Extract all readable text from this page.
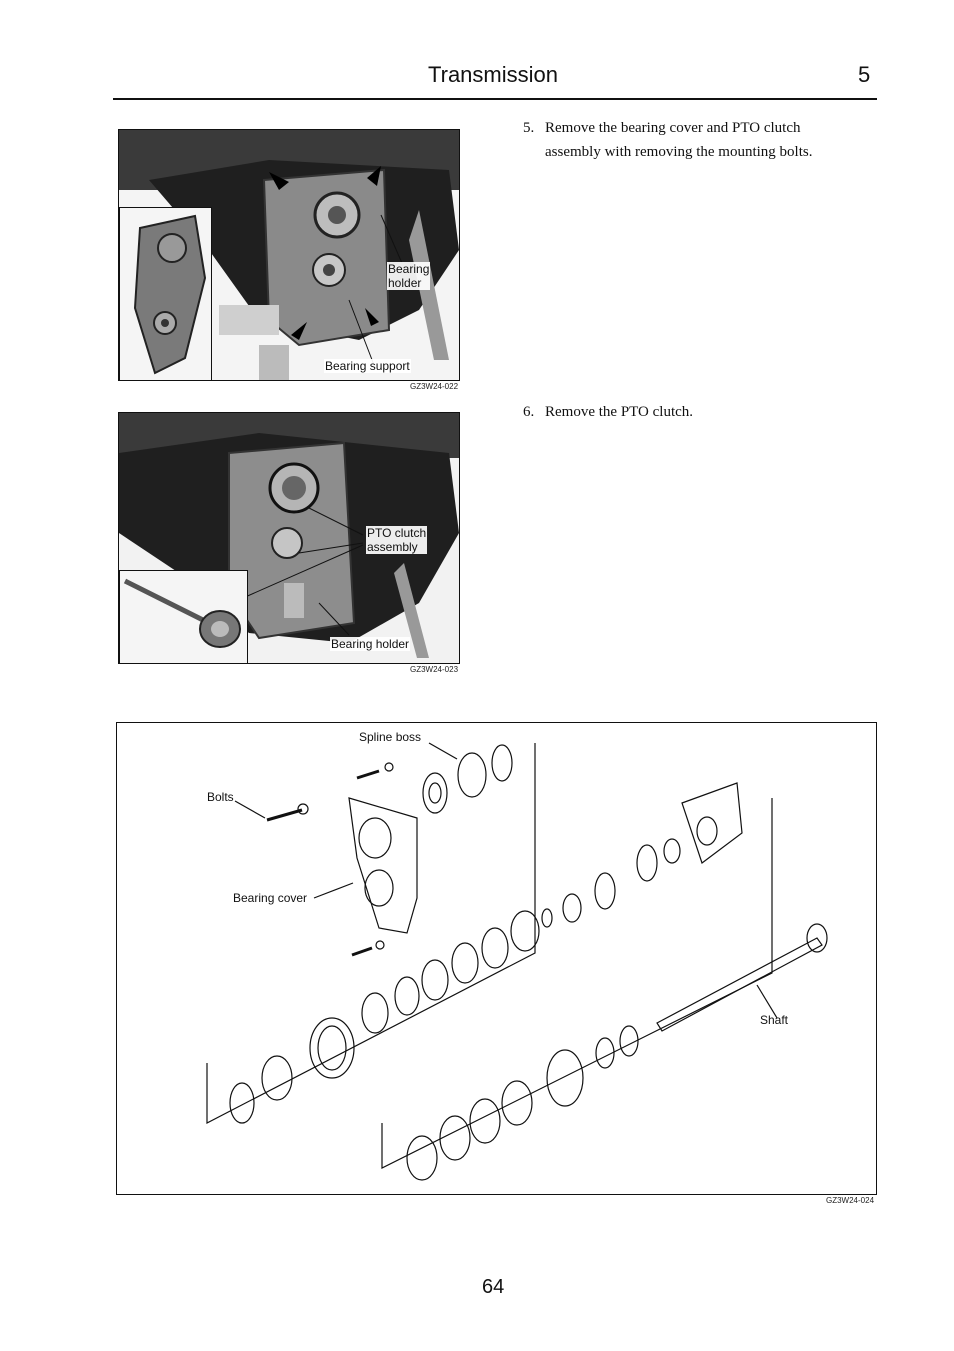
Transmission	5
Bearing
holder
Bearing support
GZ3W24-022
PTO clutch
assembly
Bearing holder
GZ3W24-023
5. Remove the bearing cover and PTO clutch
assembly with removing the mounting bolts.
6. Remove the PTO clutch.
Spline boss
Bolts
Bearing cover
Shaft
GZ3W24-024
64
